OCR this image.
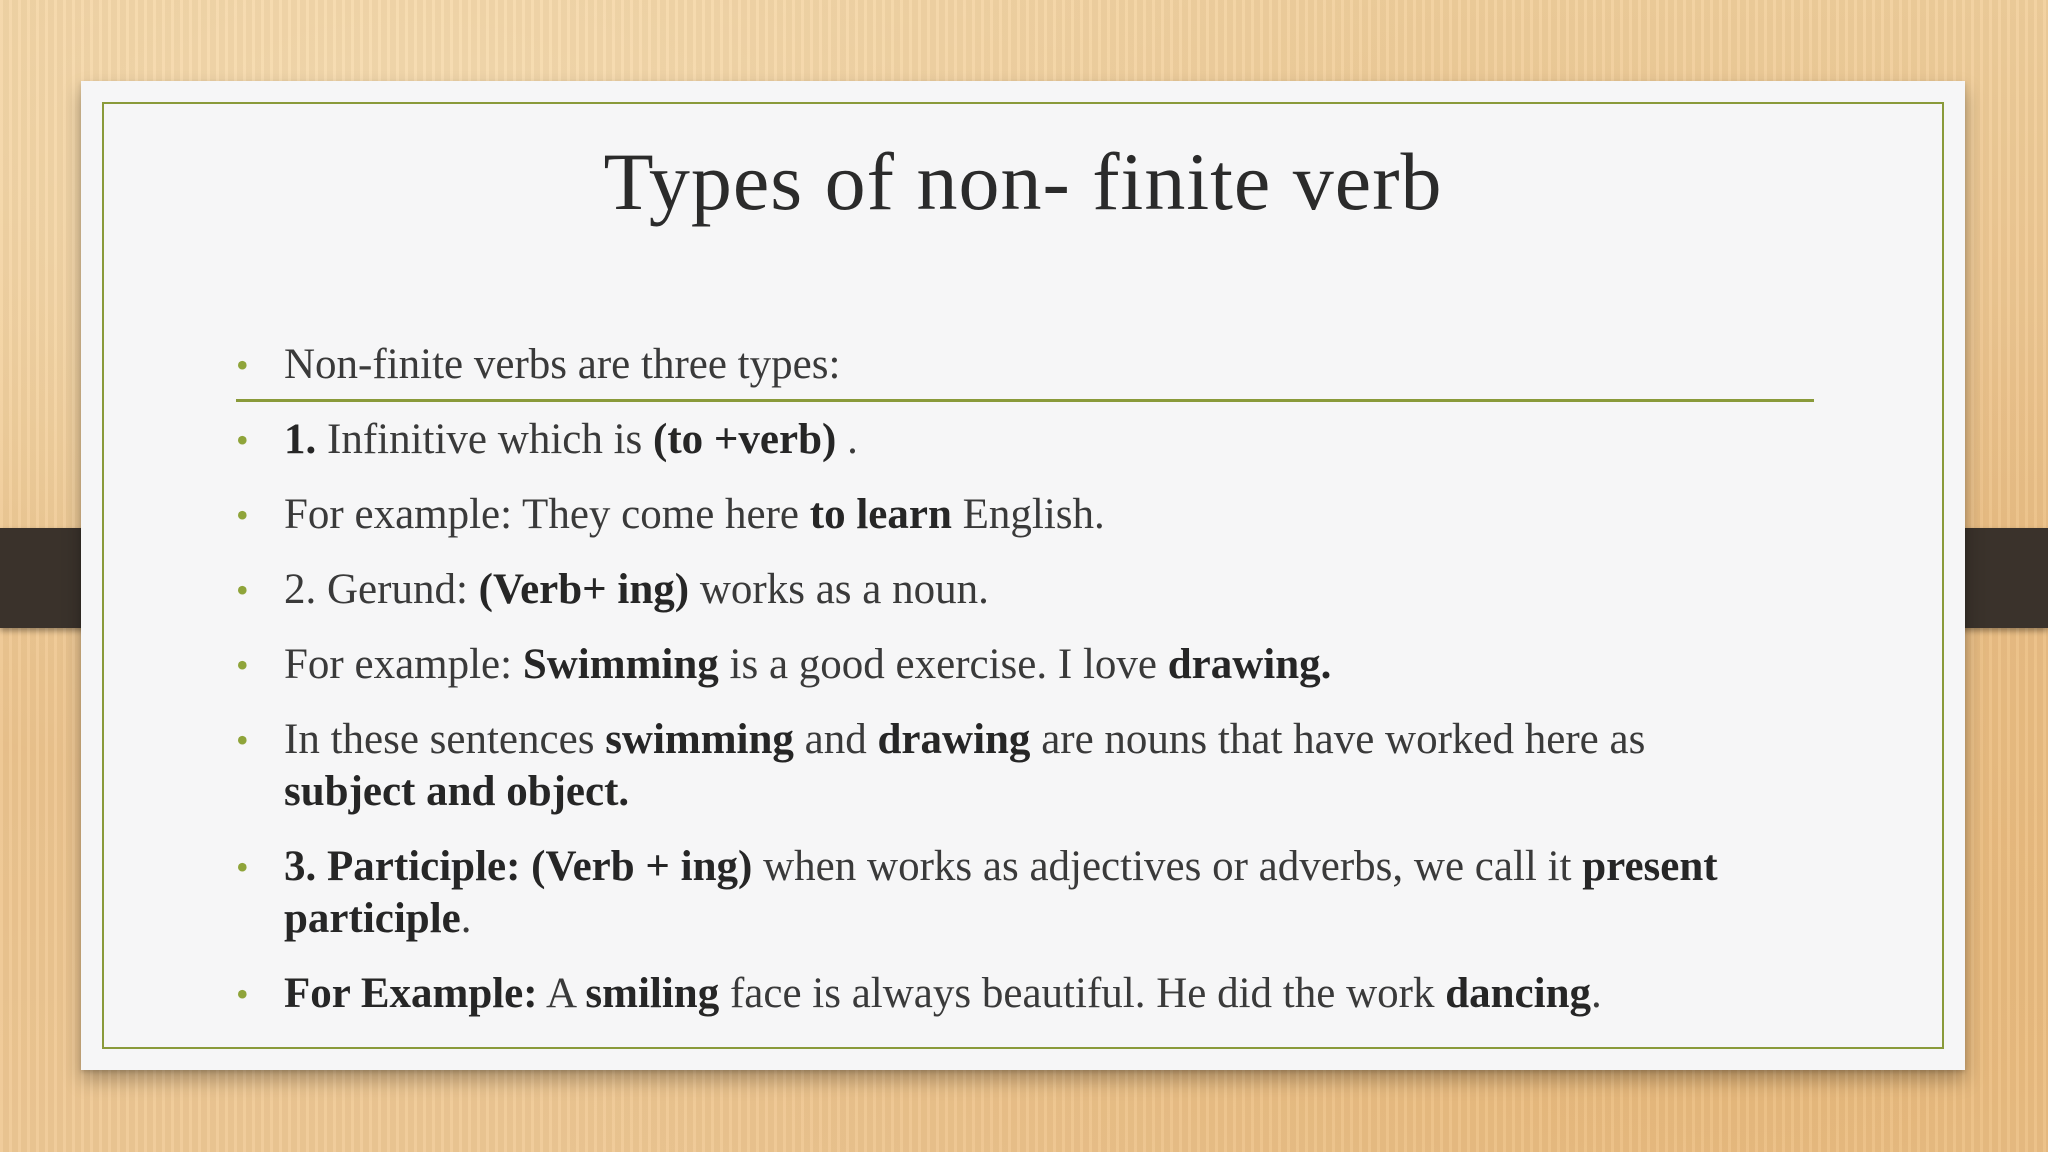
Types of non- finite verb
• Non-finite verbs are three types:
• 1. Infinitive which is (to +verb) .
• For example: They come here to learn English.
• 2. Gerund: (Verb+ ing) works as a noun.
• For example: Swimming is a good exercise. I love drawing.
• In these sentences swimming and drawing are nouns that have worked here as subject and object.
• 3. Participle: (Verb + ing) when works as adjectives or adverbs, we call it present participle.
• For Example: A smiling face is always beautiful. He did the work dancing.
